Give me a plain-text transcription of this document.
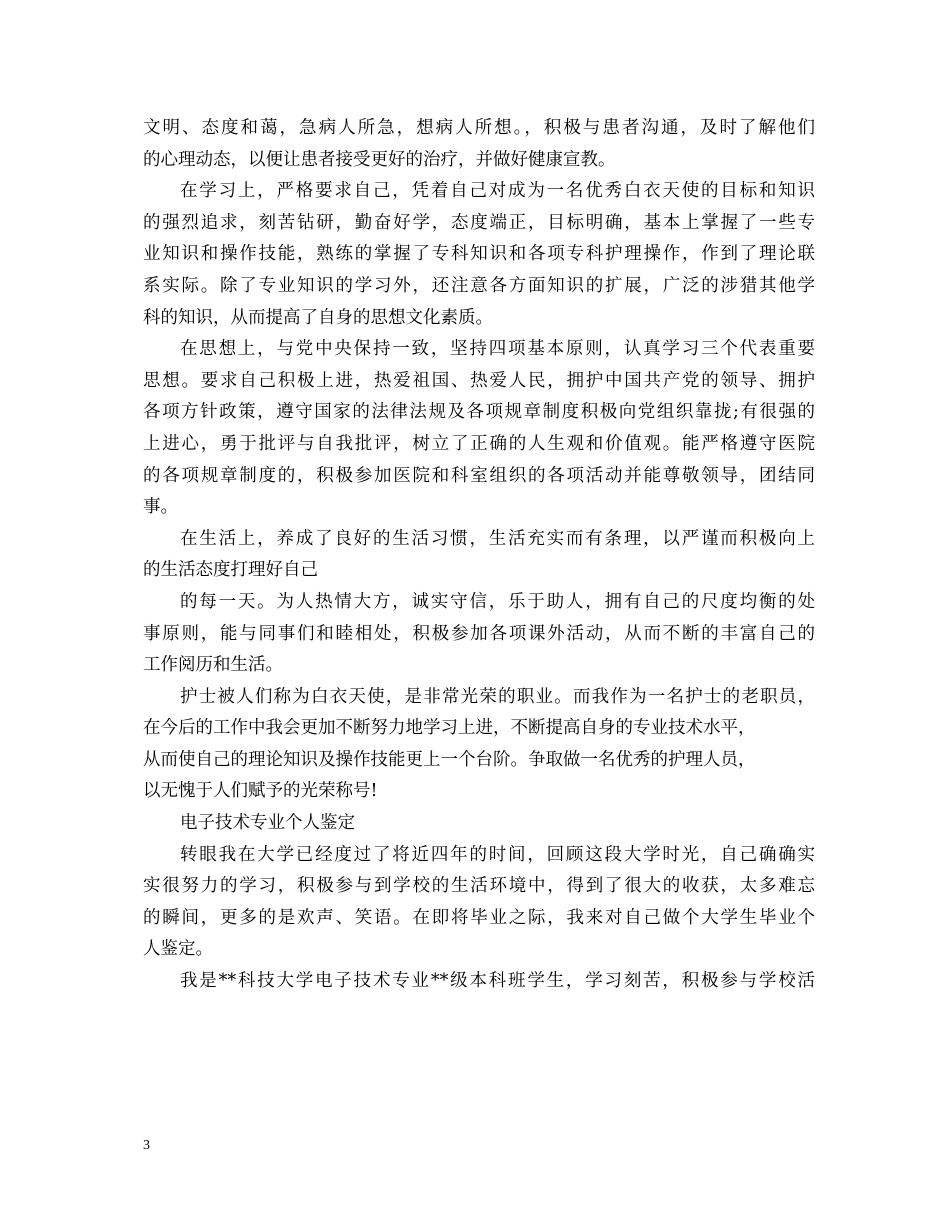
文明、态度和蔼，急病人所急，想病人所想。，积极与患者沟通，及时了解他们
的心理动态，以便让患者接受更好的治疗，并做好健康宣教。
在学习上，严格要求自己，凭着自己对成为一名优秀白衣天使的目标和知识
的强烈追求，刻苦钻研，勤奋好学，态度端正，目标明确，基本上掌握了一些专
业知识和操作技能，熟练的掌握了专科知识和各项专科护理操作，作到了理论联
系实际。除了专业知识的学习外，还注意各方面知识的扩展，广泛的涉猎其他学
科的知识，从而提高了自身的思想文化素质。
在思想上，与党中央保持一致，坚持四项基本原则，认真学习三个代表重要
思想。要求自己积极上进，热爱祖国、热爱人民，拥护中国共产党的领导、拥护
各项方针政策，遵守国家的法律法规及各项规章制度积极向党组织靠拢;有很强的
上进心，勇于批评与自我批评，树立了正确的人生观和价值观。能严格遵守医院
的各项规章制度的，积极参加医院和科室组织的各项活动并能尊敬领导，团结同
事。
在生活上，养成了良好的生活习惯，生活充实而有条理，以严谨而积极向上
的生活态度打理好自己
的每一天。为人热情大方，诚实守信，乐于助人，拥有自己的尺度均衡的处
事原则，能与同事们和睦相处，积极参加各项课外活动，从而不断的丰富自己的
工作阅历和生活。
护士被人们称为白衣天使，是非常光荣的职业。而我作为一名护士的老职员，
在今后的工作中我会更加不断努力地学习上进，不断提高自身的专业技术水平，
从而使自己的理论知识及操作技能更上一个台阶。争取做一名优秀的护理人员，
以无愧于人们赋予的光荣称号!
电子技术专业个人鉴定
转眼我在大学已经度过了将近四年的时间，回顾这段大学时光，自己确确实
实很努力的学习，积极参与到学校的生活环境中，得到了很大的收获，太多难忘
的瞬间，更多的是欢声、笑语。在即将毕业之际，我来对自己做个大学生毕业个
人鉴定。
我是**科技大学电子技术专业**级本科班学生，学习刻苦，积极参与学校活
3
